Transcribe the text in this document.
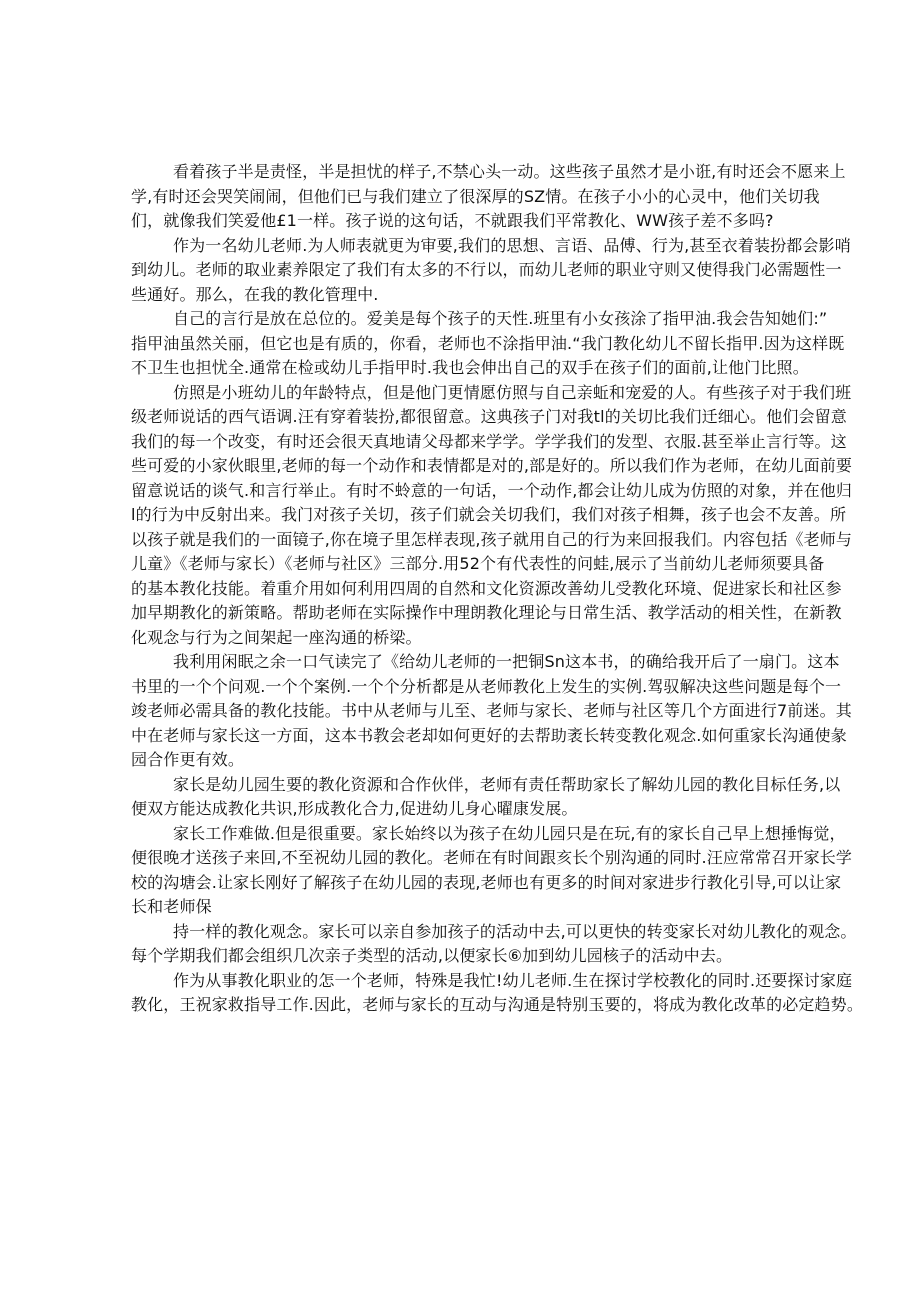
看着孩子半是责怪，半是担忧的样子,不禁心头一动。这些孩子虽然才是小诳,有时还会不愿来上
学,有时还会哭笑闹闹，但他们已与我们建立了很深厚的SZ情。在孩子小小的心灵中，他们关切我
们，就像我们笑爱他£1一样。孩子说的这句话，不就跟我们平常教化、WW孩子差不多吗?

作为一名幼儿老师.为人师表就更为审要,我们的思想、言语、品傅、行为,甚至衣着装扮都会影哨
到幼儿。老师的取业素养限定了我们有太多的不行以，而幼儿老师的职业守则又使得我门必需题性一
些通好。那么，在我的教化管理中.

自己的言行是放在总位的。爱美是每个孩子的天性.班里有小女孩涂了指甲油.我会告知她们:”
指甲油虽然关丽，但它也是有质的，你看，老师也不涂指甲油.“我门教化幼儿不留长指甲.因为这样既
不卫生也担忧全.通常在检或幼儿手指甲时.我也会伸出自己的双手在孩子们的面前,让他门比照。

仿照是小班幼儿的年龄特点，但是他门更情愿仿照与自己亲蚯和宠爱的人。有些孩子对于我们班
级老师说话的西气语调.汪有穿着装扮,都很留意。这典孩子门对我tl的关切比我们迁细心。他们会留意
我们的每一个改变，有时还会很天真地请父母都来学学。学学我们的发型、衣服.甚至举止言行等。这
些可爱的小家伙眼里,老师的每一个动作和表情都是对的,部是好的。所以我们作为老师，在幼儿面前要
留意说话的谈气.和言行举止。有时不蛉意的一句话，一个动作,都会让幼儿成为仿照的对象，并在他归
l的行为中反射出来。我门对孩子关切，孩子们就会关切我们，我们对孩子相舞，孩子也会不友善。所
以孩子就是我们的一面镜子,你在境子里怎样表现,孩子就用自己的行为来回报我们。内容包括《老师与
儿童》《老师与家长）《老师与社区》三部分.用52个有代表性的问蛙,展示了当前幼儿老师须要具备
的基本教化技能。着重介用如何利用四周的自然和文化资源改善幼儿受教化环境、促进家长和社区参
加早期教化的新策略。帮助老师在实际操作中理朗教化理论与日常生活、教学活动的相关性，在新教
化观念与行为之间架起一座沟通的桥梁。

我利用闲眠之余一口气读完了《给幼儿老师的一把铜Sn这本书，的确给我开后了一扇门。这本
书里的一个个问观.一个个案例.一个个分析都是从老师教化上发生的实例.驾驭解决这些问题是每个一
竣老师必需具备的教化技能。书中从老师与儿至、老师与家长、老师与社区等几个方面进行7前迷。其
中在老师与家长这一方面，这本书教会老却如何更好的去帮助袤长转变教化观念.如何重家长沟通使彖
园合作更有效。

家长是幼儿园生要的教化资源和合作伙伴，老师有责任帮助家长了解幼儿园的教化目标任务,以
便双方能达成教化共识,形成教化合力,促进幼儿身心曜康发展。

家长工作难做.但是很重要。家长始终以为孩子在幼儿园只是在玩,有的家长自己早上想捶悔觉，
便很晚才送孩子来回,不至祝幼儿园的教化。老师在有时间跟亥长个别沟通的同时.汪应常常召开家长学
校的沟塘会.让家长刚好了解孩子在幼儿园的表现,老师也有更多的时间对家进步行教化引导,可以让家
长和老师保

持一样的教化观念。家长可以亲自参加孩子的活动中去,可以更快的转变家长对幼儿教化的观念。
每个学期我们都会组织几次亲子类型的活动,以便家长⑥加到幼儿园核子的活动中去。

作为从事教化职业的怎一个老师，特殊是我忙!幼儿老师.生在探讨学校教化的同时.还要探讨家庭
教化，王祝家救指导工作.因此，老师与家长的互动与沟通是特别玉要的，将成为教化改革的必定趋势。
